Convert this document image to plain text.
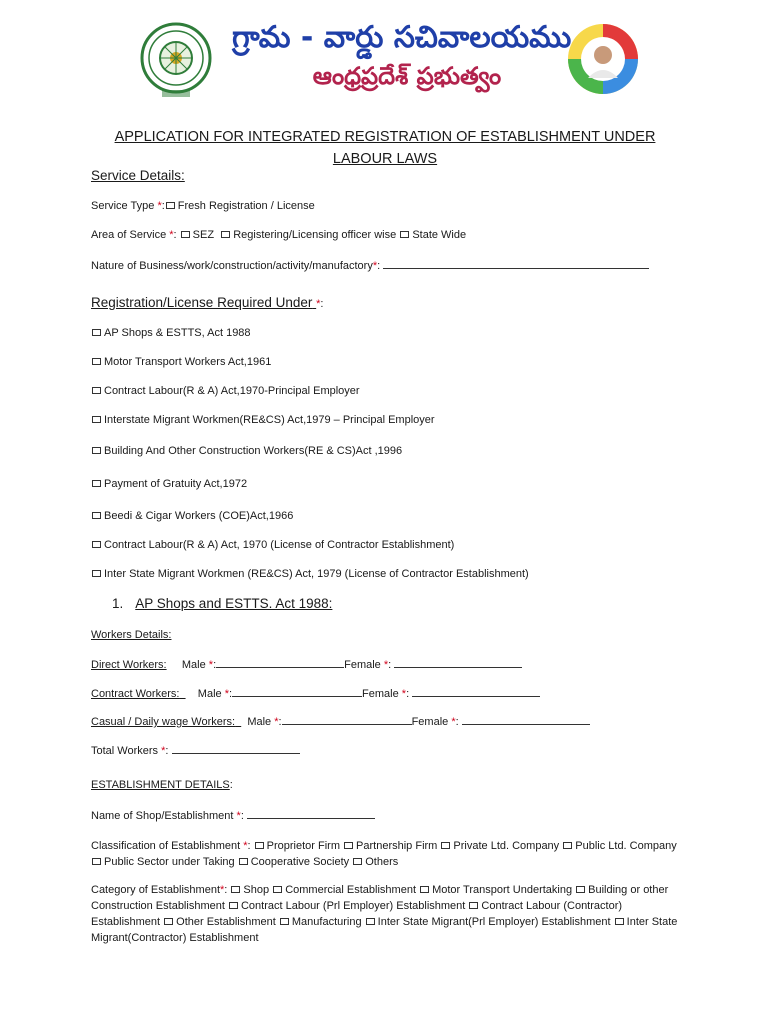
గ్రామ - వార్డు సచివాలయము
ఆంధ్రప్రదేశ్ ప్రభుత్వం
APPLICATION FOR INTEGRATED REGISTRATION OF ESTABLISHMENT UNDER LABOUR LAWS
Service Details:
Service Type *: Fresh Registration / License
Area of Service *: SEZ Registering/Licensing officer wise State Wide
Nature of Business/work/construction/activity/manufactory*:
Registration/License Required Under *:
AP Shops & ESTTS, Act 1988
Motor Transport Workers Act,1961
Contract Labour(R & A) Act,1970-Principal Employer
Interstate Migrant Workmen(RE&CS) Act,1979 – Principal Employer
Building And Other Construction Workers(RE & CS)Act ,1996
Payment of Gratuity Act,1972
Beedi & Cigar Workers (COE)Act,1966
Contract Labour(R & A) Act, 1970 (License of Contractor Establishment)
Inter State Migrant Workmen (RE&CS) Act, 1979 (License of Contractor Establishment)
1. AP Shops and ESTTS. Act 1988:
Workers Details:
Direct Workers: Male *:	Female *:
Contract Workers: Male *:	Female *:
Casual / Daily wage Workers: Male *:	Female *:
Total Workers *:
ESTABLISHMENT DETAILS:
Name of Shop/Establishment *:
Classification of Establishment *: Proprietor Firm Partnership Firm Private Ltd. Company Public Ltd. Company Public Sector under Taking Cooperative Society Others
Category of Establishment*: Shop Commercial Establishment Motor Transport Undertaking Building or other Construction Establishment Contract Labour (Prl Employer) Establishment Contract Labour (Contractor) Establishment Other Establishment Manufacturing Inter State Migrant(Prl Employer) Establishment Inter State Migrant(Contractor) Establishment
